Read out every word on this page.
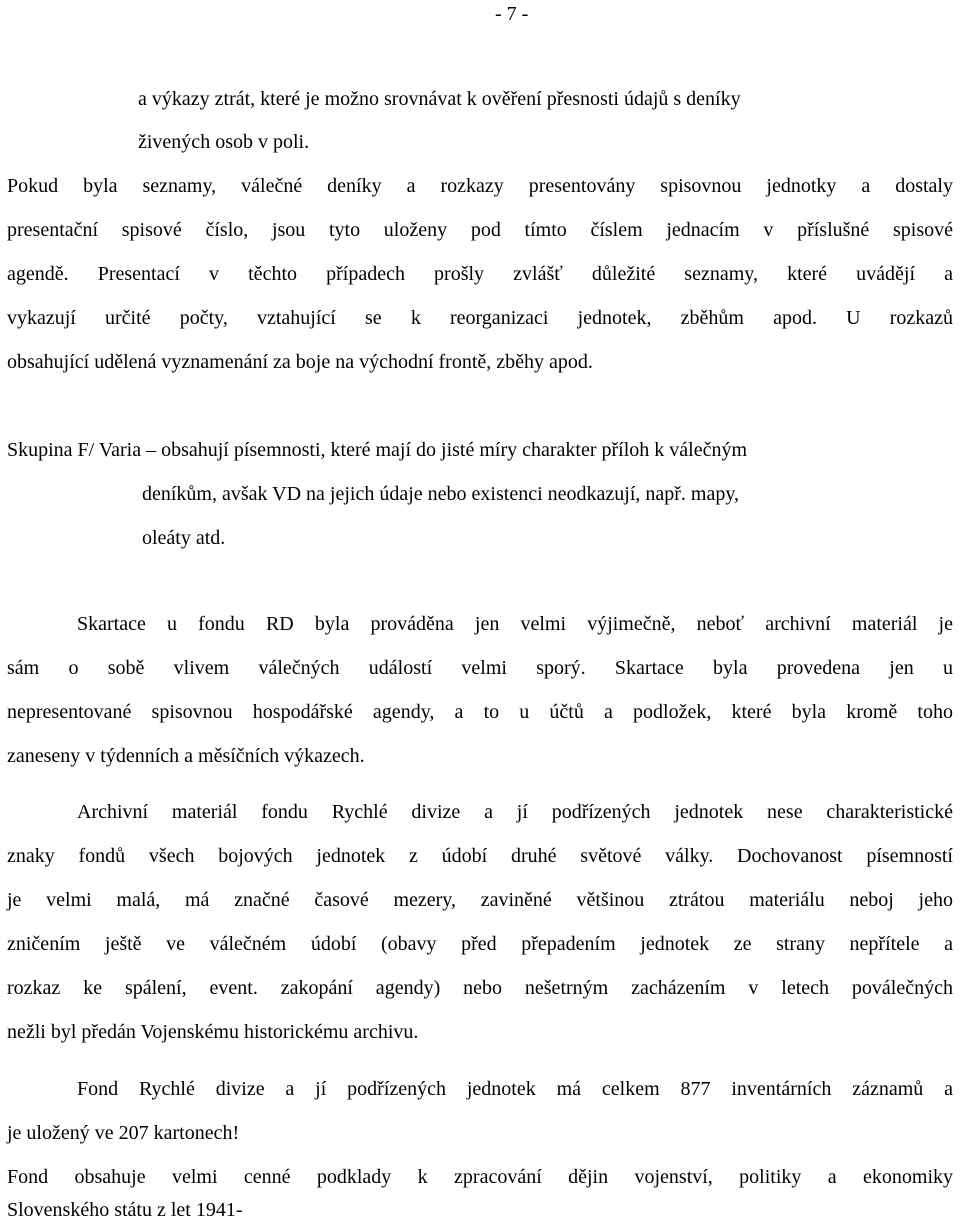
- 7 -
a výkazy ztrát, které je možno srovnávat k ověření přesnosti údajů s deníky
živených osob v poli.
Pokud byla seznamy, válečné deníky a rozkazy presentovány spisovnou jednotky a dostaly
presentační spisové číslo, jsou tyto uloženy pod tímto číslem jednacím v příslušné spisové
agendě. Presentací v těchto případech prošly zvlášť důležité seznamy, které uvádějí a
vykazují určité počty, vztahující se k reorganizaci jednotek, zběhům apod. U rozkazů
obsahující udělená vyznamenání za boje na východní frontě, zběhy apod.
Skupina F/ Varia – obsahují písemnosti, které mají do jisté míry charakter příloh k válečným
deníkům, avšak VD na jejich údaje nebo existenci neodkazují, např. mapy,
oleáty atd.
Skartace u fondu RD byla prováděna jen velmi výjimečně, neboť archivní materiál je
sám o sobě vlivem válečných událostí velmi sporý. Skartace byla provedena jen u
nepresentované spisovnou hospodářské agendy, a to u účtů a podložek, které byla kromě toho
zaneseny v týdenních a měsíčních výkazech.
Archivní materiál fondu Rychlé divize a jí podřízených jednotek nese charakteristické
znaky fondů všech bojových jednotek z údobí druhé světové války. Dochovanost písemností
je velmi malá, má značné časové mezery, zaviněné většinou ztrátou materiálu neboj jeho
zničením ještě ve válečném údobí (obavy před přepadením jednotek ze strany nepřítele a
rozkaz ke spálení, event. zakopání agendy) nebo nešetrným zacházením v letech poválečných
nežli byl předán Vojenskému historickému archivu.
Fond Rychlé divize a jí podřízených jednotek má celkem 877 inventárních záznamů a
je uložený ve 207 kartonech!
Fond obsahuje velmi cenné podklady k zpracování dějin vojenství, politiky a ekonomiky
Slovenského státu z let 1941-
